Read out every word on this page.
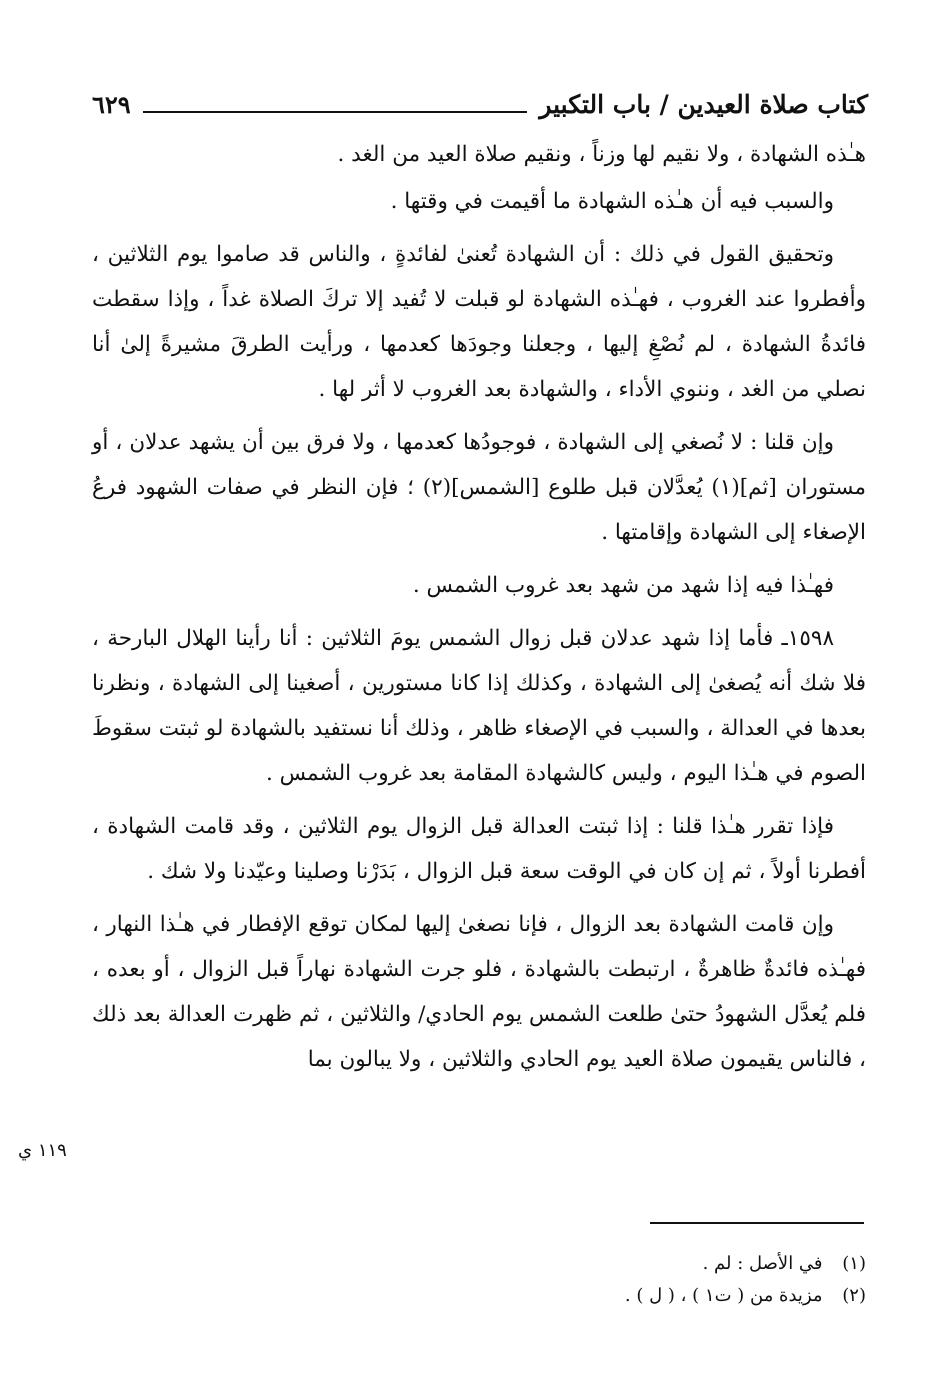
كتاب صلاة العيدين / باب التكبير
٦٢٩

هـٰذه الشهادة ، ولا نقيم لها وزناً ، ونقيم صلاة العيد من الغد .

والسبب فيه أن هـٰذه الشهادة ما أقيمت في وقتها .

وتحقيق القول في ذلك : أن الشهادة تُعنىٰ لفائدةٍ ، والناس قد صاموا يوم الثلاثين ، وأفطروا عند الغروب ، فهـٰذه الشهادة لو قبلت لا تُفيد إلا تركَ الصلاة غداً ، وإذا سقطت فائدةُ الشهادة ، لم نُصْغِ إليها ، وجعلنا وجودَها كعدمها ، ورأيت الطرقَ مشيرةً إلىٰ أنا نصلي من الغد ، وننوي الأداء ، والشهادة بعد الغروب لا أثر لها .

وإن قلنا : لا نُصغي إلى الشهادة ، فوجودُها كعدمها ، ولا فرق بين أن يشهد عدلان ، أو مستوران [ثم](١) يُعدَّلان قبل طلوع [الشمس](٢) ؛ فإن النظر في صفات الشهود فرعُ الإصغاء إلى الشهادة وإقامتها .

فهـٰذا فيه إذا شهد من شهد بعد غروب الشمس .

١٥٩٨ـ فأما إذا شهد عدلان قبل زوال الشمس يومَ الثلاثين : أنا رأينا الهلال البارحة ، فلا شك أنه يُصغىٰ إلى الشهادة ، وكذلك إذا كانا مستورين ، أصغينا إلى الشهادة ، ونظرنا بعدها في العدالة ، والسبب في الإصغاء ظاهر ، وذلك أنا نستفيد بالشهادة لو ثبتت سقوطَ الصوم في هـٰذا اليوم ، وليس كالشهادة المقامة بعد غروب الشمس .

فإذا تقرر هـٰذا قلنا : إذا ثبتت العدالة قبل الزوال يوم الثلاثين ، وقد قامت الشهادة ، أفطرنا أولاً ، ثم إن كان في الوقت سعة قبل الزوال ، بَدَرْنا وصلينا وعيّدنا ولا شك .

وإن قامت الشهادة بعد الزوال ، فإنا نصغىٰ إليها لمكان توقع الإفطار في هـٰذا النهار ، فهـٰذه فائدةٌ ظاهرةٌ ، ارتبطت بالشهادة ، فلو جرت الشهادة نهاراً قبل الزوال ، أو بعده ، فلم يُعدَّل الشهودُ حتىٰ طلعت الشمس يوم الحادي/ والثلاثين ، ثم ظهرت العدالة بعد ذلك ، فالناس يقيمون صلاة العيد يوم الحادي والثلاثين ، ولا يبالون بما

١١٩ ي
(١) في الأصل : لم .
(٢) مزيدة من ( ت١ ) ، ( ل ) .
